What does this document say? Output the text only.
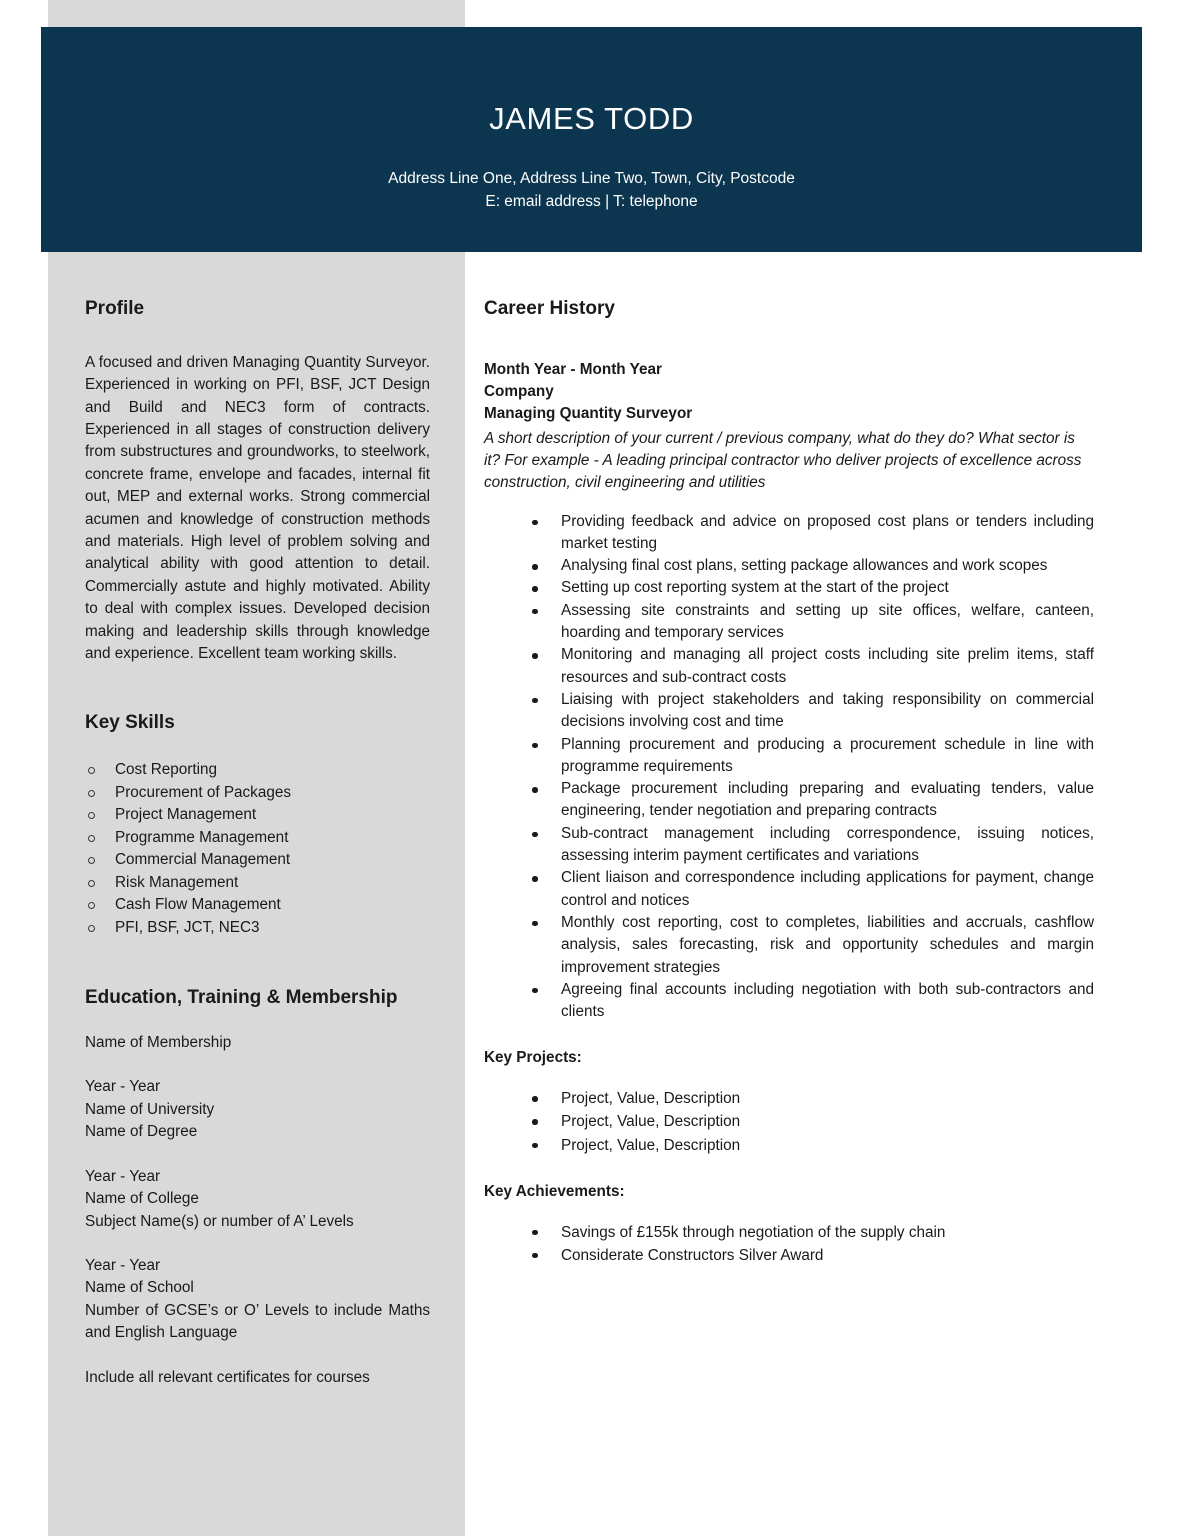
JAMES TODD
Address Line One, Address Line Two, Town, City, Postcode
E: email address | T: telephone
Profile
A focused and driven Managing Quantity Surveyor. Experienced in working on PFI, BSF, JCT Design and Build and NEC3 form of contracts. Experienced in all stages of construction delivery from substructures and groundworks, to steelwork, concrete frame, envelope and facades, internal fit out, MEP and external works. Strong commercial acumen and knowledge of construction methods and materials. High level of problem solving and analytical ability with good attention to detail. Commercially astute and highly motivated. Ability to deal with complex issues. Developed decision making and leadership skills through knowledge and experience. Excellent team working skills.
Key Skills
Cost Reporting
Procurement of Packages
Project Management
Programme Management
Commercial Management
Risk Management
Cash Flow Management
PFI, BSF, JCT, NEC3
Education, Training & Membership
Name of Membership
Year - Year
Name of University
Name of Degree
Year - Year
Name of College
Subject Name(s) or number of A’ Levels
Year - Year
Name of School
Number of GCSE’s or O’ Levels to include Maths and English Language
Include all relevant certificates for courses
Career History
Month Year - Month Year
Company
Managing Quantity Surveyor
A short description of your current / previous company, what do they do? What sector is it? For example - A leading principal contractor who deliver projects of excellence across construction, civil engineering and utilities
Providing feedback and advice on proposed cost plans or tenders including market testing
Analysing final cost plans, setting package allowances and work scopes
Setting up cost reporting system at the start of the project
Assessing site constraints and setting up site offices, welfare, canteen, hoarding and temporary services
Monitoring and managing all project costs including site prelim items, staff resources and sub-contract costs
Liaising with project stakeholders and taking responsibility on commercial decisions involving cost and time
Planning procurement and producing a procurement schedule in line with programme requirements
Package procurement including preparing and evaluating tenders, value engineering, tender negotiation and preparing contracts
Sub-contract management including correspondence, issuing notices, assessing interim payment certificates and variations
Client liaison and correspondence including applications for payment, change control and notices
Monthly cost reporting, cost to completes, liabilities and accruals, cashflow analysis, sales forecasting, risk and opportunity schedules and margin improvement strategies
Agreeing final accounts including negotiation with both sub-contractors and clients
Key Projects:
Project, Value, Description
Project, Value, Description
Project, Value, Description
Key Achievements:
Savings of £155k through negotiation of the supply chain
Considerate Constructors Silver Award
